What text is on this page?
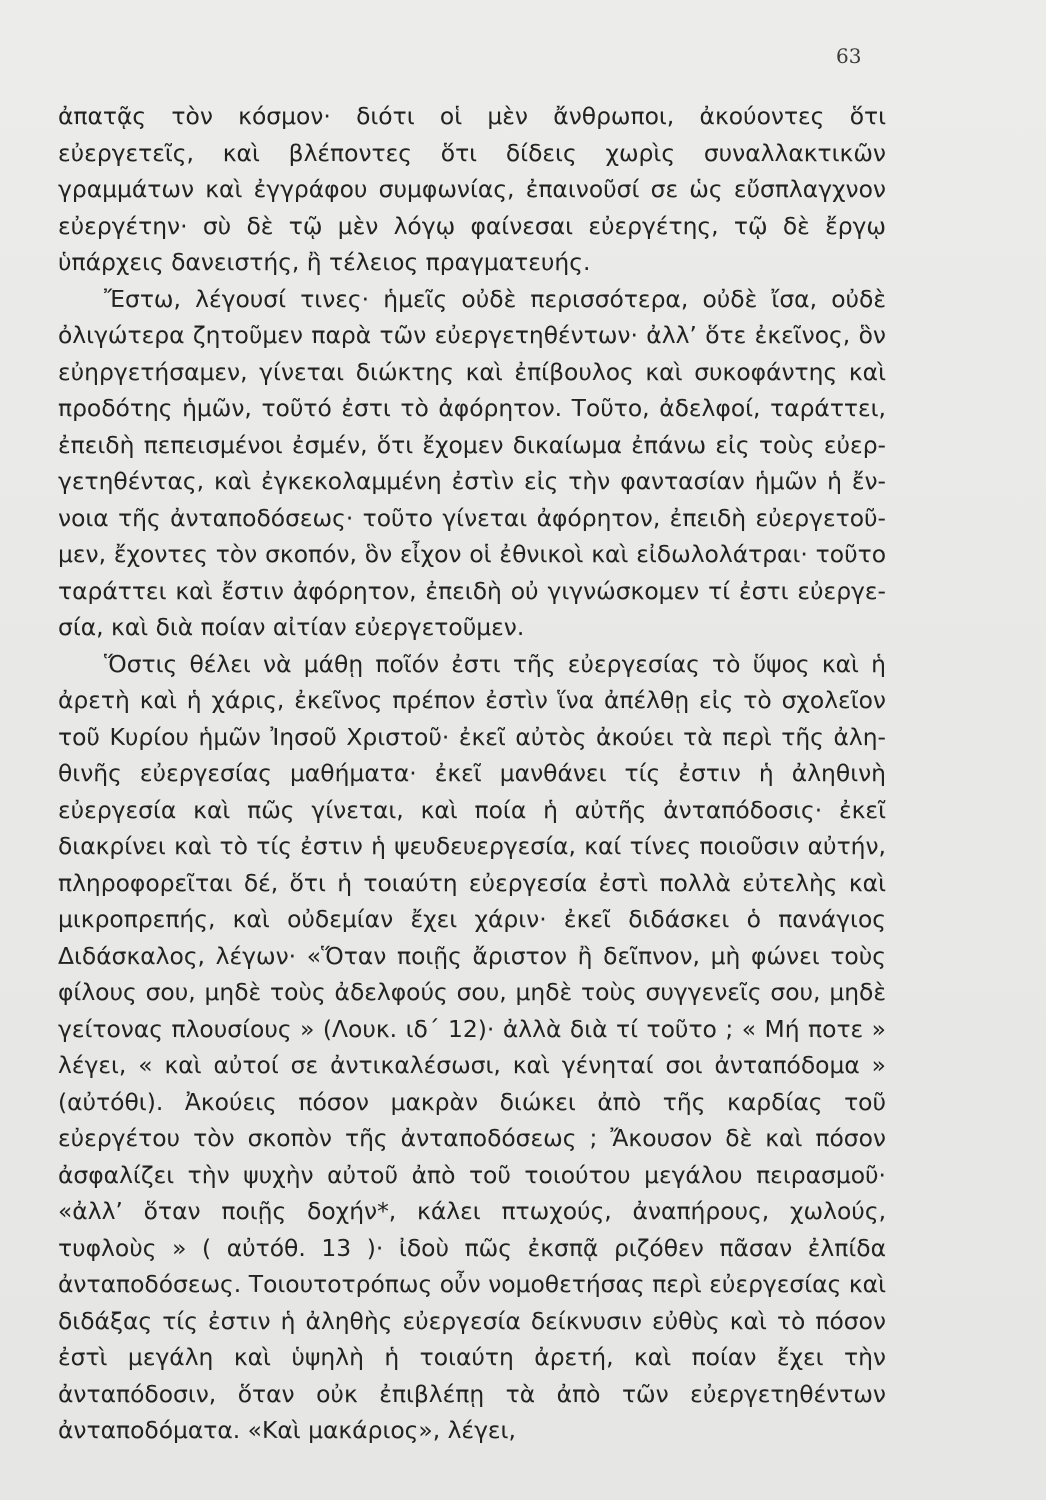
63

ἀπατᾷς τὸν κόσμον· διότι οἱ μὲν ἄνθρωποι, ἀκούοντες ὅτι εὐεργετεῖς, καὶ βλέποντες ὅτι δίδεις χωρὶς συναλλακτικῶν γραμμάτων καὶ ἐγγράφου συμφωνίας, ἐπαινοῦσί σε ὡς εὔσπλαγχνον εὐεργέτην· σὺ δὲ τῷ μὲν λόγῳ φαίνεσαι εὐεργέτης, τῷ δὲ ἔργῳ ὑπάρχεις δανειστής, ἢ τέλειος πραγματευής.

Ἔστω, λέγουσί τινες· ἡμεῖς οὐδὲ περισσότερα, οὐδὲ ἴσα, οὐδὲ ὀλιγώτερα ζητοῦμεν παρὰ τῶν εὐεργετηθέντων· ἀλλ’ ὅτε ἐκεῖνος, ὃν εὐηργετήσαμεν, γίνεται διώκτης καὶ ἐπίβουλος καὶ συκοφάντης καὶ προδότης ἡμῶν, τοῦτό ἐστι τὸ ἀφόρητον. Τοῦτο, ἀδελφοί, ταράττει, ἐπειδὴ πεπεισμένοι ἐσμέν, ὅτι ἔχομεν δικαίωμα ἐπάνω εἰς τοὺς εὐεργετηθέντας, καὶ ἐγκεκολαμμένη ἐστὶν εἰς τὴν φαντασίαν ἡμῶν ἡ ἔννοια τῆς ἀνταποδόσεως· τοῦτο γίνεται ἀφόρητον, ἐπειδὴ εὐεργετοῦμεν, ἔχοντες τὸν σκοπόν, ὃν εἶχον οἱ ἐθνικοὶ καὶ εἰδωλολάτραι· τοῦτο ταράττει καὶ ἔστιν ἀφόρητον, ἐπειδὴ οὐ γιγνώσκομεν τί ἐστι εὐεργεσία, καὶ διὰ ποίαν αἰτίαν εὐεργετοῦμεν.

Ὅστις θέλει νὰ μάθῃ ποῖόν ἐστι τῆς εὐεργεσίας τὸ ὕψος καὶ ἡ ἀρετὴ καὶ ἡ χάρις, ἐκεῖνος πρέπον ἐστὶν ἵνα ἀπέλθῃ εἰς τὸ σχολεῖον τοῦ Κυρίου ἡμῶν Ἰησοῦ Χριστοῦ· ἐκεῖ αὐτὸς ἀκούει τὰ περὶ τῆς ἀληθινῆς εὐεργεσίας μαθήματα· ἐκεῖ μανθάνει τίς ἐστιν ἡ ἀληθινὴ εὐεργεσία καὶ πῶς γίνεται, καὶ ποία ἡ αὐτῆς ἀνταπόδοσις· ἐκεῖ διακρίνει καὶ τὸ τίς ἐστιν ἡ ψευδευεργεσία, καί τίνες ποιοῦσιν αὐτήν, πληροφορεῖται δέ, ὅτι ἡ τοιαύτη εὐεργεσία ἐστὶ πολλὰ εὐτελὴς καὶ μικροπρεπής, καὶ οὐδεμίαν ἔχει χάριν· ἐκεῖ διδάσκει ὁ πανάγιος Διδάσκαλος, λέγων· «Ὅταν ποιῇς ἄριστον ἢ δεῖπνον, μὴ φώνει τοὺς φίλους σου, μηδὲ τοὺς ἀδελφούς σου, μηδὲ τοὺς συγγενεῖς σου, μηδὲ γείτονας πλουσίους » (Λουκ. ιδ΄ 12)· ἀλλὰ διὰ τί τοῦτο ; « Μή ποτε » λέγει, « καὶ αὐτοί σε ἀντικαλέσωσι, καὶ γένηταί σοι ἀνταπόδομα » (αὐτόθι). Ἀκούεις πόσον μακρὰν διώκει ἀπὸ τῆς καρδίας τοῦ εὐεργέτου τὸν σκοπὸν τῆς ἀνταποδόσεως ; Ἄκουσον δὲ καὶ πόσον ἀσφαλίζει τὴν ψυχὴν αὐτοῦ ἀπὸ τοῦ τοιούτου μεγάλου πειρασμοῦ· «ἀλλ’ ὅταν ποιῇς δοχήν*, κάλει πτωχούς, ἀναπήρους, χωλούς, τυφλοὺς » ( αὐτόθ. 13 )· ἰδοὺ πῶς ἐκσπᾷ ριζόθεν πᾶσαν ἐλπίδα ἀνταποδόσεως. Τοιουτοτρόπως οὖν νομοθετήσας περὶ εὐεργεσίας καὶ διδάξας τίς ἐστιν ἡ ἀληθὴς εὐεργεσία δείκνυσιν εὐθὺς καὶ τὸ πόσον ἐστὶ μεγάλη καὶ ὑψηλὴ ἡ τοιαύτη ἀρετή, καὶ ποίαν ἔχει τὴν ἀνταπόδοσιν, ὅταν οὐκ ἐπιβλέπῃ τὰ ἀπὸ τῶν εὐεργετηθέντων ἀνταποδόματα. «Καὶ μακάριος», λέγει,
